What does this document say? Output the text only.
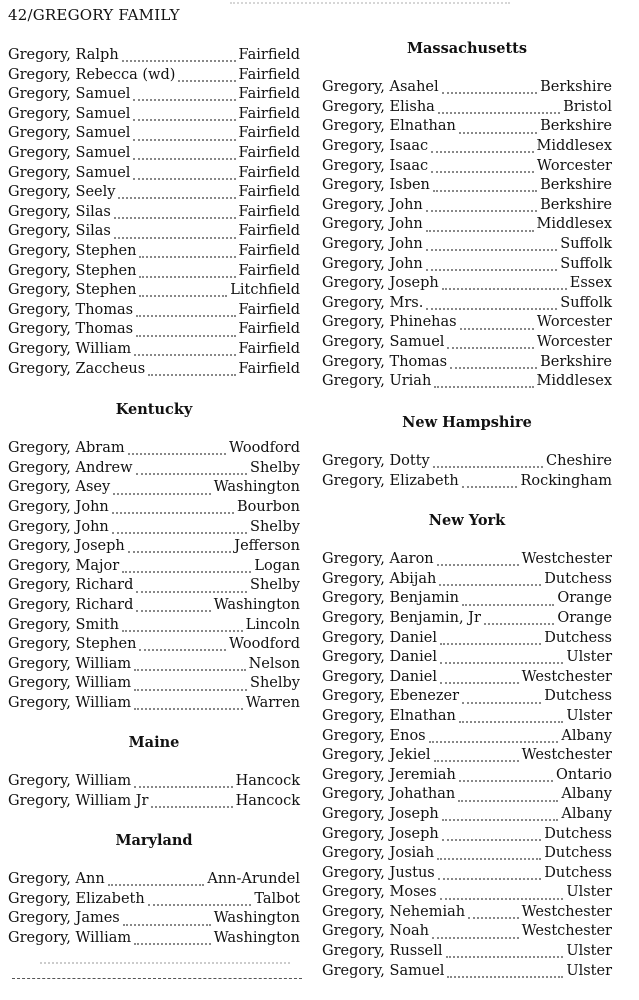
42/GREGORY FAMILY
Gregory, Ralph	Fairfield
Gregory, Rebecca (wd)	Fairfield
Gregory, Samuel	Fairfield
Gregory, Samuel	Fairfield
Gregory, Samuel	Fairfield
Gregory, Samuel	Fairfield
Gregory, Samuel	Fairfield
Gregory, Seely	Fairfield
Gregory, Silas	Fairfield
Gregory, Silas	Fairfield
Gregory, Stephen	Fairfield
Gregory, Stephen	Fairfield
Gregory, Stephen	Litchfield
Gregory, Thomas	Fairfield
Gregory, Thomas	Fairfield
Gregory, William	Fairfield
Gregory, Zaccheus	Fairfield
Kentucky
Gregory, Abram	Woodford
Gregory, Andrew	Shelby
Gregory, Asey	Washington
Gregory, John	Bourbon
Gregory, John	Shelby
Gregory, Joseph	Jefferson
Gregory, Major	Logan
Gregory, Richard	Shelby
Gregory, Richard	Washington
Gregory, Smith	Lincoln
Gregory, Stephen	Woodford
Gregory, William	Nelson
Gregory, William	Shelby
Gregory, William	Warren
Maine
Gregory, William	Hancock
Gregory, William Jr	Hancock
Maryland
Gregory, Ann	Ann-Arundel
Gregory, Elizabeth	Talbot
Gregory, James	Washington
Gregory, William	Washington
Massachusetts
Gregory, Asahel	Berkshire
Gregory, Elisha	Bristol
Gregory, Elnathan	Berkshire
Gregory, Isaac	Middlesex
Gregory, Isaac	Worcester
Gregory, Isben	Berkshire
Gregory, John	Berkshire
Gregory, John	Middlesex
Gregory, John	Suffolk
Gregory, John	Suffolk
Gregory, Joseph	Essex
Gregory, Mrs.	Suffolk
Gregory, Phinehas	Worcester
Gregory, Samuel	Worcester
Gregory, Thomas	Berkshire
Gregory, Uriah	Middlesex
New Hampshire
Gregory, Dotty	Cheshire
Gregory, Elizabeth	Rockingham
New York
Gregory, Aaron	Westchester
Gregory, Abijah	Dutchess
Gregory, Benjamin	Orange
Gregory, Benjamin, Jr	Orange
Gregory, Daniel	Dutchess
Gregory, Daniel	Ulster
Gregory, Daniel	Westchester
Gregory, Ebenezer	Dutchess
Gregory, Elnathan	Ulster
Gregory, Enos	Albany
Gregory, Jekiel	Westchester
Gregory, Jeremiah	Ontario
Gregory, Johathan	Albany
Gregory, Joseph	Albany
Gregory, Joseph	Dutchess
Gregory, Josiah	Dutchess
Gregory, Justus	Dutchess
Gregory, Moses	Ulster
Gregory, Nehemiah	Westchester
Gregory, Noah	Westchester
Gregory, Russell	Ulster
Gregory, Samuel	Ulster
